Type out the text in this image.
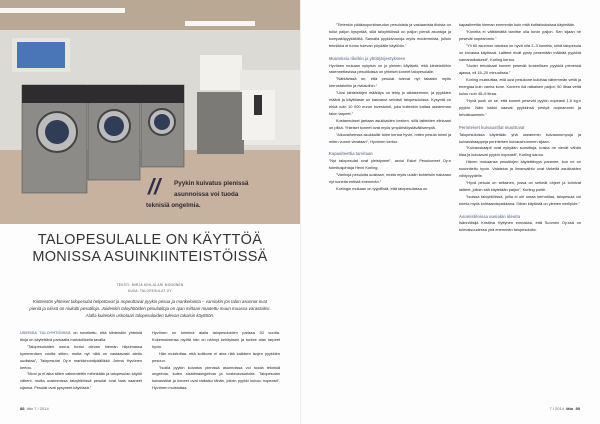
//	Pyykin kuivatus pienissä
asunnoissa voi tuoda
teknisiä ongelmia.
TALOPESULALLE ON KÄYTTÖÄ
MONISSA ASUINKIINTEISTÖISSÄ
TEKSTI: MIRJA KIHLJA ARI MONONEN
KUVA: TALOPESULAT OY
Kiinteistön yhteiset talopesulat helpottavat ja nopeuttavat pyykin pesua ja mankelointia – varsinkin jos talon asunnot ovat pieniä ja niissä on niukalti pesutiloja. Joidenkin taloyhtiöiden pesulatiloja on ajan mittaan muutettu muun muassa varastoiksi. Alalla kuitenkin uskotaan talopesuloiden tulevan takaisin käyttöön.

USEISSA TALOYHTIÖISSÄ on sovellettu, että kiinteistön yhteisiä tiloja on käytettävä parhaalla mahdollisella tavalla.

”Talopesuloiden osuus tuntui olevan hieman hiipumassa kymmenisen vuotta sitten, mutta nyt niitä on vastaavasti alettu uudistaa”, Talopesulat Oy:n markkinointipäällikkö Jorma Hyvönen kertoo.

”Moni ja ei aika sitten valmentettin mihinkään ja talopesulan käyttö väheni, mutta uusimmissa taloyhtiöissä pesulat ovat taas saaneet sijansa. Pesulat ovat pysyneet käytössä.”

Hyvönen on toiminut alalla talopesuloiden parissa 30 vuotta. Kokemuksensa myötä hän on nähnyt kehityksen ja tuntee alan tarpeet hyvin.

Hän muistuttaa, että kotikone ei aina riitä kaikkien isojen pyykkien pesuun.

”Isoilla pyykin kuivatus pienissä asunnoissa voi tuoda teknisiä ongelmia, kuten sisäilmaongelmia ja kosteusvaurioita. Talopesulan kuivaustilat ja koneet ovat ratkaisu tähän, jolloin pyykki kuivuu nopeasti”, Hyvönen muistuttaa.

88 läto 7 / 2014

”Tietenkin pääkaupunkiseudun pesuloista ja vastaavista tiloista on tullut paljon kysyntää, sillä taloyhtiöissä on paljon pieniä asuntoja ja kompaktipyykkilöitä. Samalla pyykkivuoroja myös moderneista, jolloin tekniikka ei tunnu tulevan pöydälle käyttöön.”

Muutoksia tiloihin ja yhtiöjärjestykseen

Hyvösen mukaan nykyisin on jo yleinen käytäntö, että kiinteistöihin rakennettavissa pesutiloissa on yhteiset koneet talopesulalle.

”Nähtävissä on, että pesulat tulevat nyt takaisin myös kerrostaloihin ja rivitaloihin.”

”Uusi kiinteistöjen määräys on tehty jo aikaisemmin, ja pyykkien määrä ja käyttöaste on kasvanut selvästi talopesuloissa. Kysyntä on ehkä noin 10 000 euron investointi, joka kuitenkin kattaa useamman talon tarpeet.”

Kustannukset jaetaan asukkaiden kesken, sillä laitteiden elinkaari on pitkä. Yhteiset koneet ovat myös ympäristöystävällisempiä.

”Alkuvaiheessa asukkaille tulee kertoa hyvin, miten pesula toimii ja miten vuorot varataan”, Hyvönen kertoo.

Kapasiteettia tarvitaan

”Nyt talopesulat ovat yleistyneet”, arvioi Eskel Pesukoneet Oy:n toimitusjohtaja Henri Korling.

”Vanhoja pesuloita uusitaan, mutta myös uusiin kohteisiin halutaan nyt koneita entistä enemmän.”

Korlingin mukaan on tyypillistä, että talopesulassa on

kapasiteettia hieman enemmän kuin mitä kotitalouksissa käytetään.

”Koneita ei välttämättä tarvitse olla kovin paljon. Sen sijaan ne pesevät nopeammin.”

”Yli 60 asunnon taloissa on hyvä olla 2–3 konetta, siinä talopesula on kovassa käytössä. Laitteet eivät pysty pesemään määrää pyykkiä samanaikaisesti”, Korling kertoo.

”Uudet tehokkaat koneet pesevät koneellisen pyykkiä pienessä ajassa, eli 15–20 minuutissa.”

Korling muistuttaa, että uusi pesukone kuluttaa vähemmän vettä ja energiaa kuin vanha kone. Koneen ikä ratkaisee paljon, 60 litraa vettä kuluu noin 45–9 litraa.

”Hyvä puoli on se, että koneet pesevät pyykin nopeasti 1,5 kg:n pyykin. Näin kaikki saavat pyykkinsä pestyä nopeammin ja tehokkaammin.”

Perinteiset kuivaustilat muuttuvat

Talopesuloissa käytetään yhä useammin kuivausrumpuja ja kuivauskaappeja perinteisen kuivaushuoneen sijaan.

”Kuivauskaapit ovat nykyään suosittuja, koska ne vievät vähän tilaa ja kuivaavat pyykin nopeasti”, Korling sanoo.

Hänen mukaansa pesutilojen käytettävyys paranee, kun ne on suunniteltu hyvin. Valaistus ja ilmanvaihto ovat tärkeitä asukkaiden viihtyvyydelle.

”Hyvä pesula on sellainen, jossa on selkeät ohjeet ja toimivat laitteet, jolloin sitä käytetään paljon”, Korling pohtii.

”Isoissa taloyhtiöissä, joilla ei ole omaa kerhotilaa, talopesula voi toimia myös kohtaamispaikkana. Silloin käytöstä on yleinen mielipide.”

Asumistiloissa uusiakin ideoita

Isännöitsijä Kristiina Hyttynen ennustaa, että Suomen Oy:ssä on tulevaisuudessa yhä enemmän talopesuloita.

7 / 2014 läto 89
